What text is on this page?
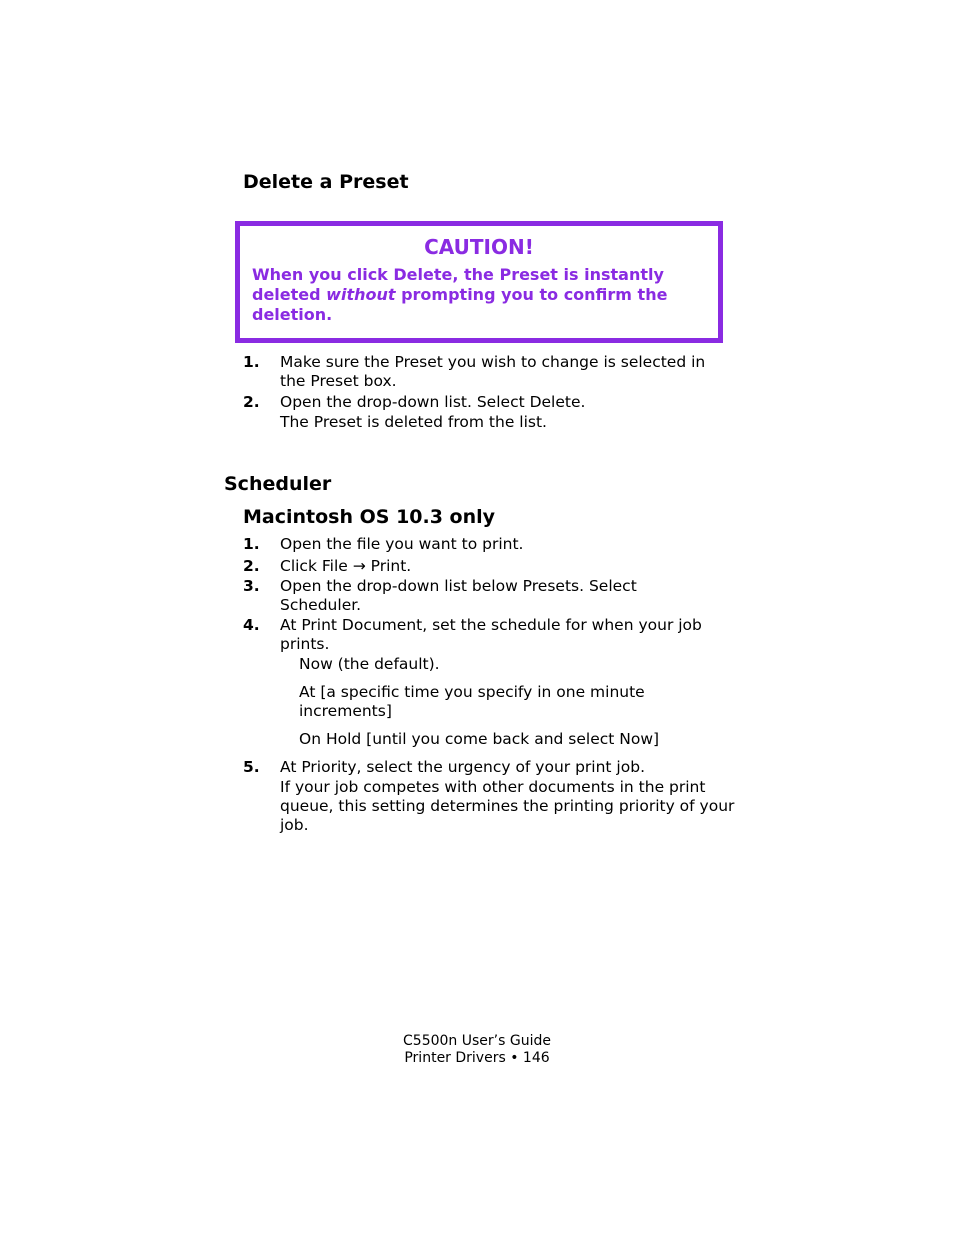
Delete a Preset
CAUTION!
When you click Delete, the Preset is instantly deleted without prompting you to confirm the deletion.
1. Make sure the Preset you wish to change is selected in the Preset box.
2. Open the drop-down list. Select Delete.
The Preset is deleted from the list.
Scheduler
Macintosh OS 10.3 only
1. Open the file you want to print.
2. Click File → Print.
3. Open the drop-down list below Presets. Select Scheduler.
4. At Print Document, set the schedule for when your job prints.
Now (the default).
At [a specific time you specify in one minute increments]
On Hold [until you come back and select Now]
5. At Priority, select the urgency of your print job.
If your job competes with other documents in the print queue, this setting determines the printing priority of your job.
C5500n User’s Guide
Printer Drivers • 146
